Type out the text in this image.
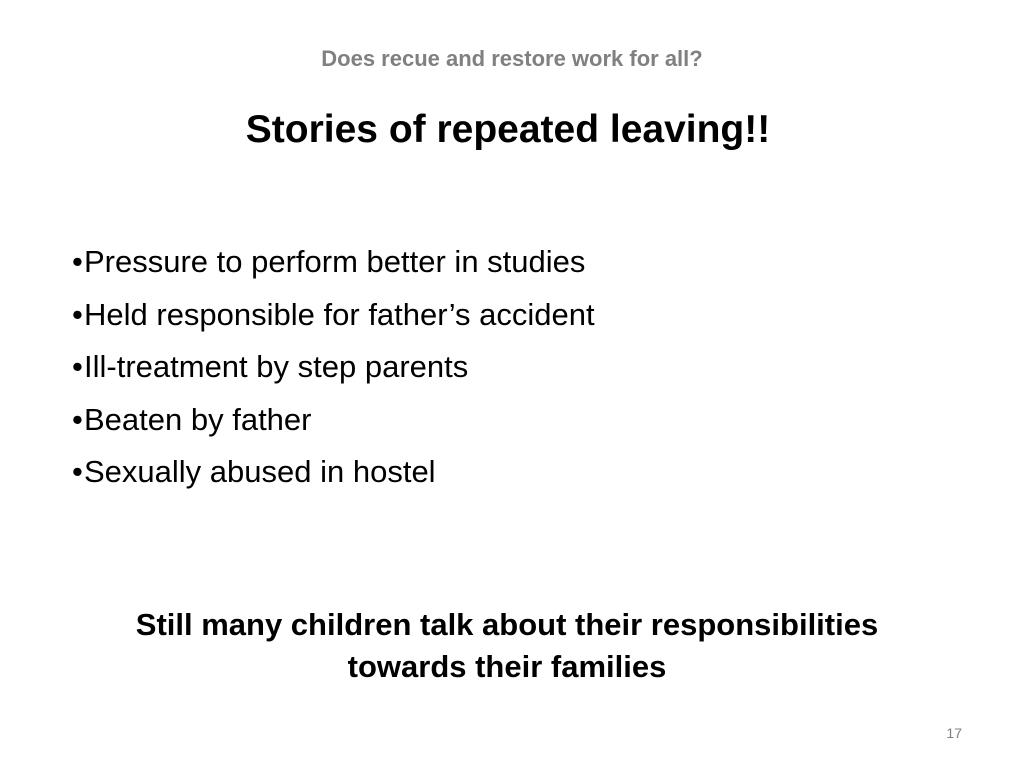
Does recue and restore work for all?
Stories of repeated leaving!!
•Pressure to perform better in studies
•Held responsible for father’s accident
•Ill-treatment by step parents
•Beaten by father
•Sexually abused in hostel
Still many children talk about their responsibilities
towards their families
17
